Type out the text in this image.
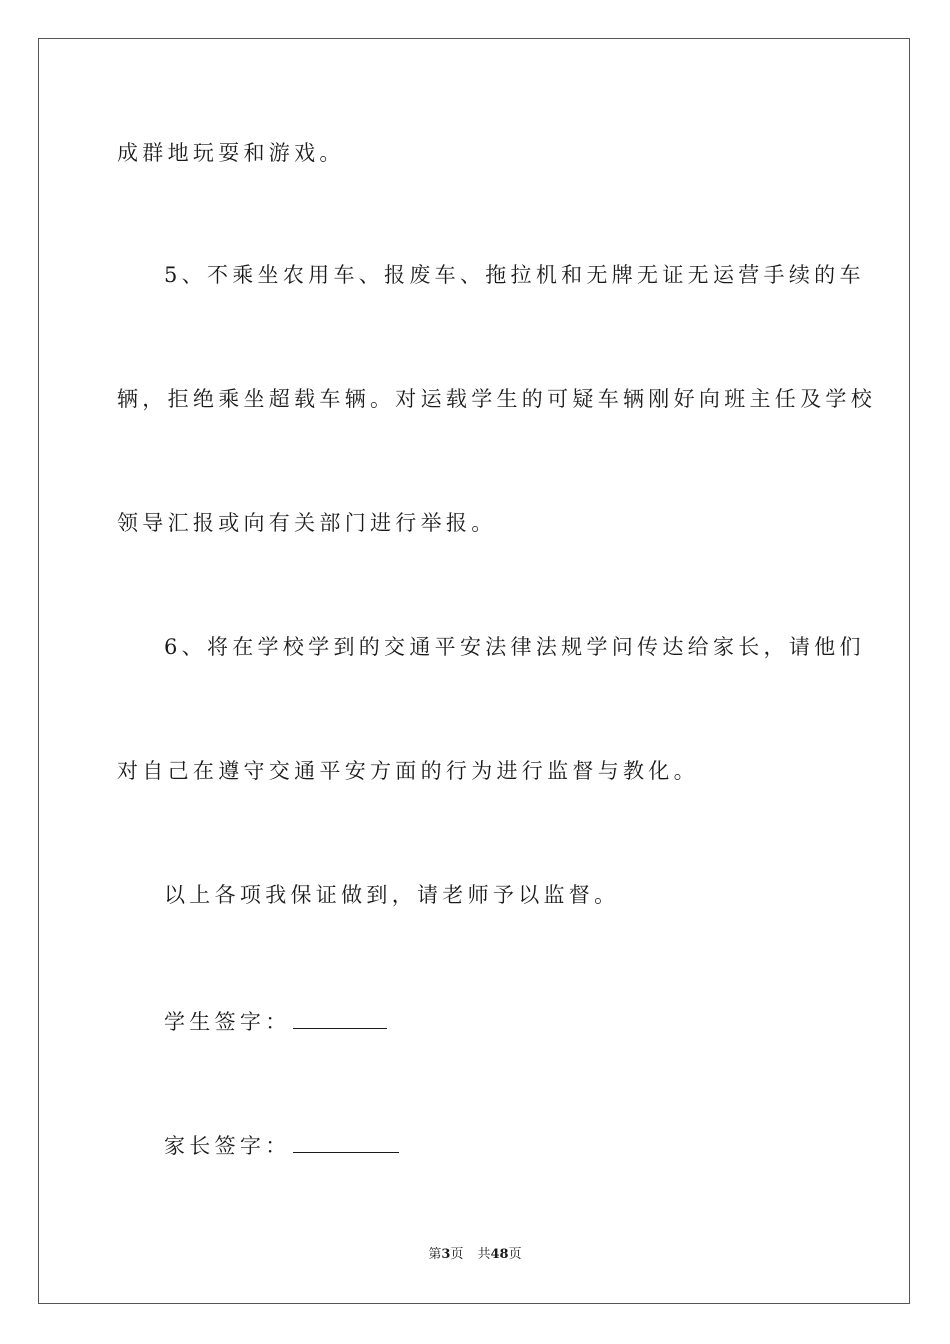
成群地玩耍和游戏。
5、不乘坐农用车、报废车、拖拉机和无牌无证无运营手续的车
辆，拒绝乘坐超载车辆。对运载学生的可疑车辆刚好向班主任及学校
领导汇报或向有关部门进行举报。
6、将在学校学到的交通平安法律法规学问传达给家长，请他们
对自己在遵守交通平安方面的行为进行监督与教化。
以上各项我保证做到，请老师予以监督。
学生签字：
家长签字：
第3页 共48页
